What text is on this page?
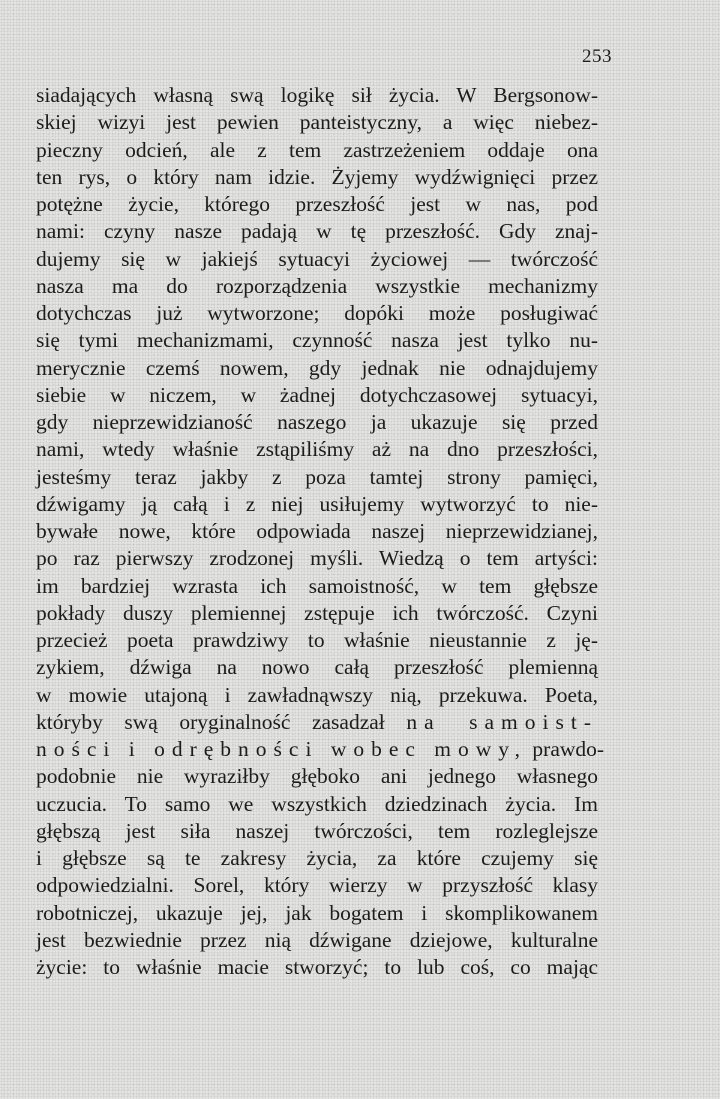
253
siadających własną swą logikę sił życia. W Bergsonow-
skiej wizyi jest pewien panteistyczny, a więc niebez-
pieczny odcień, ale z tem zastrzeżeniem oddaje ona
ten rys, o który nam idzie. Żyjemy wydźwignięci przez
potężne życie, którego przeszłość jest w nas, pod
nami: czyny nasze padają w tę przeszłość. Gdy znaj-
dujemy się w jakiejś sytuacyi życiowej — twórczość
nasza ma do rozporządzenia wszystkie mechanizmy
dotychczas już wytworzone; dopóki może posługiwać
się tymi mechanizmami, czynność nasza jest tylko nu-
merycznie czemś nowem, gdy jednak nie odnajdujemy
siebie w niczem, w żadnej dotychczasowej sytuacyi,
gdy nieprzewidzianość naszego ja ukazuje się przed
nami, wtedy właśnie zstąpiliśmy aż na dno przeszłości,
jesteśmy teraz jakby z poza tamtej strony pamięci,
dźwigamy ją całą i z niej usiłujemy wytworzyć to nie-
bywałe nowe, które odpowiada naszej nieprzewidzianej,
po raz pierwszy zrodzonej myśli. Wiedzą o tem artyści:
im bardziej wzrasta ich samoistność, w tem głębsze
pokłady duszy plemiennej zstępuje ich twórczość. Czyni
przecież poeta prawdziwy to właśnie nieustannie z ję-
zykiem, dźwiga na nowo całą przeszłość plemienną
w mowie utajoną i zawładnąwszy nią, przekuwa. Poeta,
któryby swą oryginalność zasadzał na samoist-
ności i odrębności wobec mowy, prawdo-
podobnie nie wyraziłby głęboko ani jednego własnego
uczucia. To samo we wszystkich dziedzinach życia. Im
głębszą jest siła naszej twórczości, tem rozleglejsze
i głębsze są te zakresy życia, za które czujemy się
odpowiedzialni. Sorel, który wierzy w przyszłość klasy
robotniczej, ukazuje jej, jak bogatem i skomplikowanem
jest bezwiednie przez nią dźwigane dziejowe, kulturalne
życie: to właśnie macie stworzyć; to lub coś, co mając
